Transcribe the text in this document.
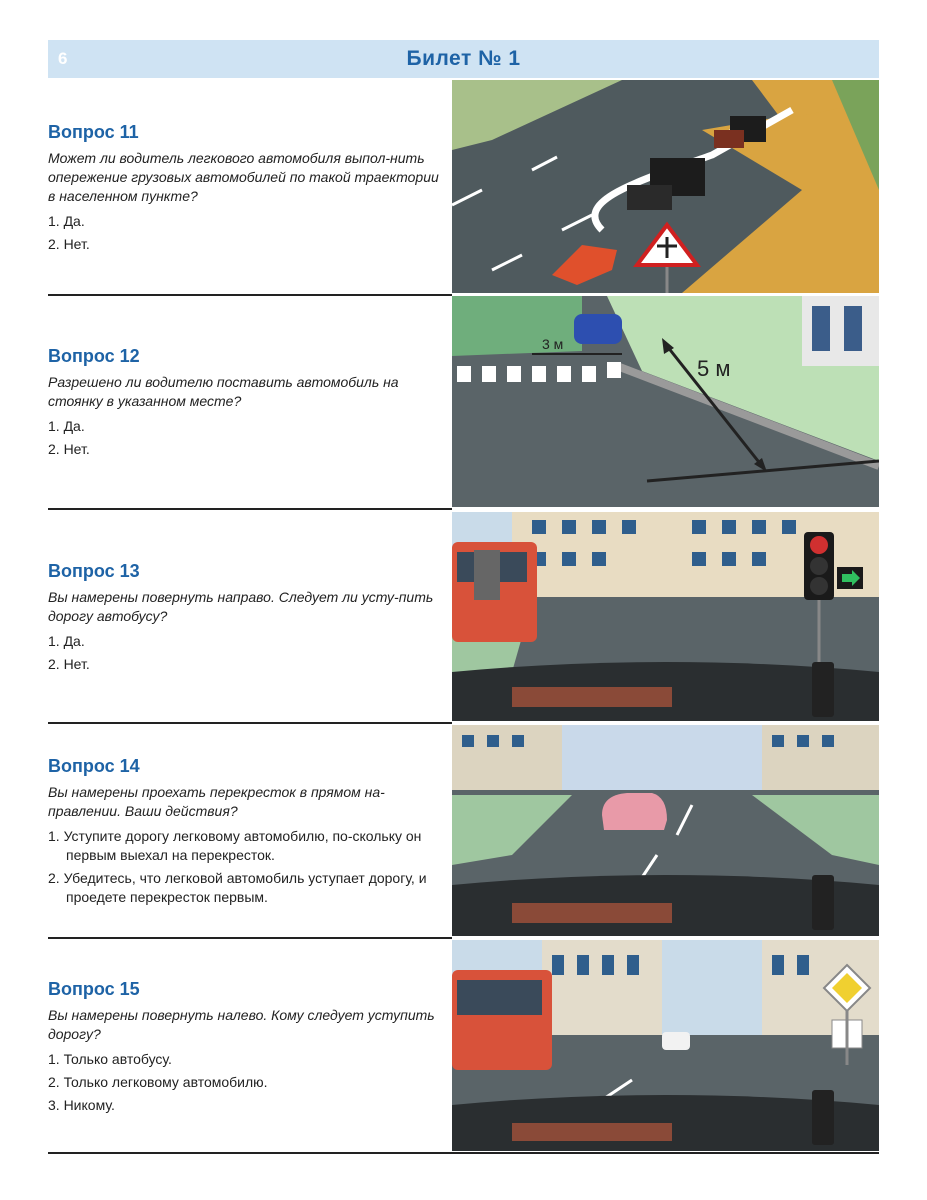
6	Билет № 1
Вопрос 11
Может ли водитель легкового автомобиля выпол-нить опережение грузовых автомобилей по такой траектории в населенном пункте?
1. Да.
2. Нет.
Вопрос 12
Разрешено ли водителю поставить автомобиль на стоянку в указанном месте?
1. Да.
2. Нет.
Вопрос 13
Вы намерены повернуть направо. Следует ли усту-пить дорогу автобусу?
1. Да.
2. Нет.
Вопрос 14
Вы намерены проехать перекресток в прямом на-правлении. Ваши действия?
1. Уступите дорогу легковому автомобилю, по-скольку он первым выехал на перекресток.
2. Убедитесь, что легковой автомобиль уступает дорогу, и проедете перекресток первым.
Вопрос 15
Вы намерены повернуть налево. Кому следует уступить дорогу?
1. Только автобусу.
2. Только легковому автомобилю.
3. Никому.
3 м
5 м
